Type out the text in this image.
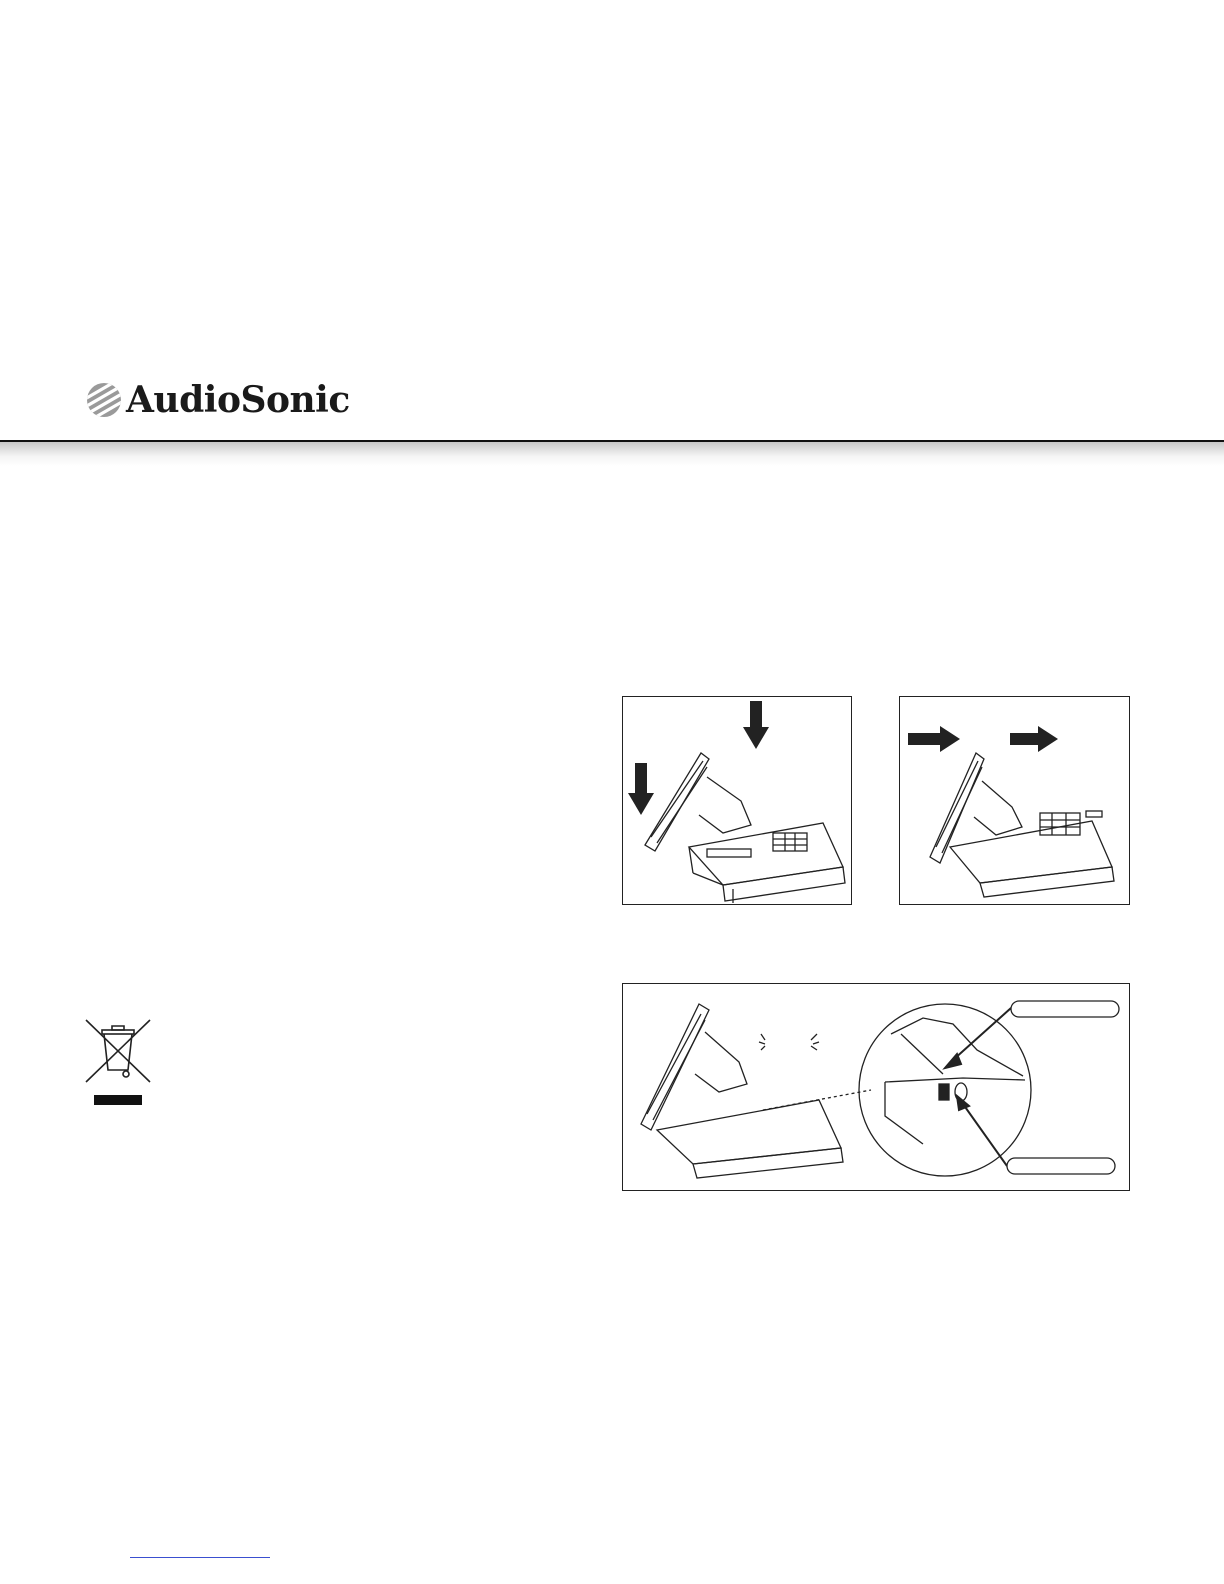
AudioSonic
